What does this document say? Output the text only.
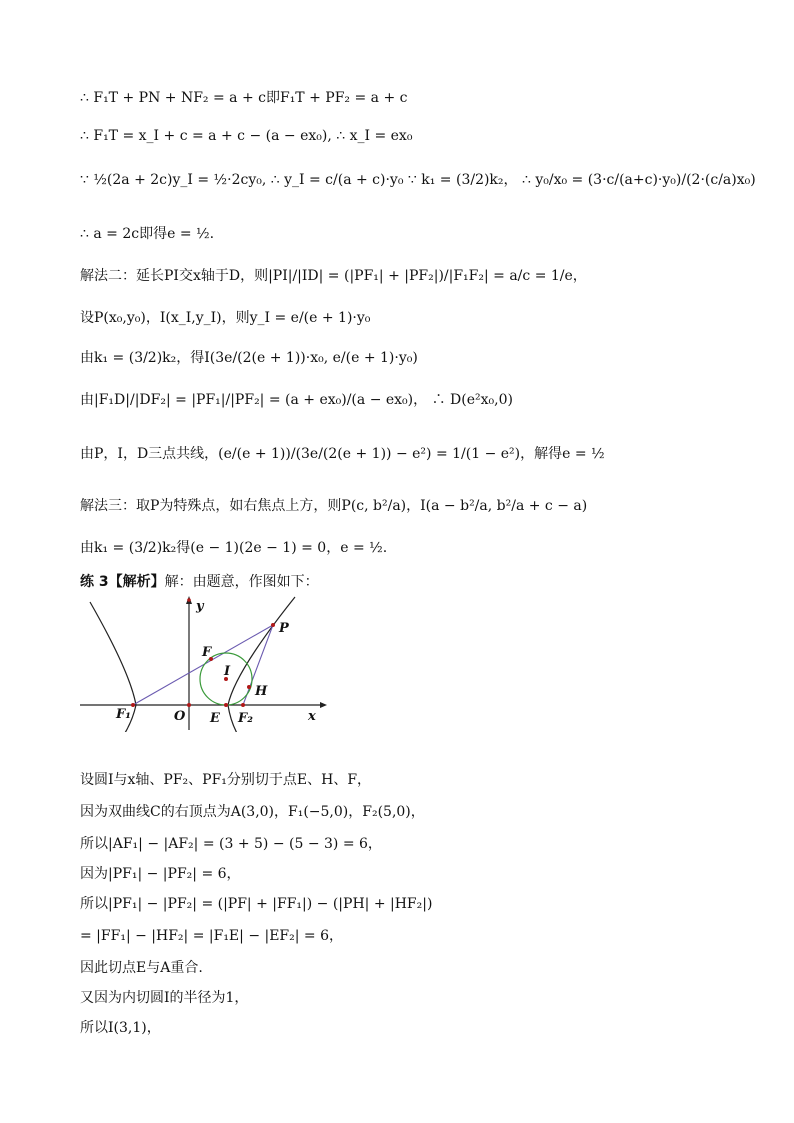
∴ F₁T + PN + NF₂ = a + c即F₁T + PF₂ = a + c
∴ F₁T = x_I + c = a + c − (a − ex₀), ∴ x_I = ex₀
∵ ½(2a + 2c)y_I = ½·2cy₀, ∴ y_I = c/(a + c)·y₀ ∵ k₁ = (3/2)k₂， ∴ y₀/x₀ = (3·c/(a+c)·y₀)/(2·(c/a)x₀)
∴ a = 2c即得e = ½.
解法二：延长PI交x轴于D，则|PI|/|ID| = (|PF₁| + |PF₂|)/|F₁F₂| = a/c = 1/e，
设P(x₀,y₀)，I(x_I,y_I)，则y_I = e/(e + 1)·y₀
由k₁ = (3/2)k₂，得I(3e/(2(e + 1))·x₀, e/(e + 1)·y₀)
由|F₁D|/|DF₂| = |PF₁|/|PF₂| = (a + ex₀)/(a − ex₀)， ∴ D(e²x₀,0)
由P，I，D三点共线，(e/(e + 1))/(3e/(2(e + 1)) − e²) = 1/(1 − e²)，解得e = ½
解法三：取P为特殊点，如右焦点上方，则P(c, b²/a)，I(a − b²/a, b²/a + c − a)
由k₁ = (3/2)k₂得(e − 1)(2e − 1) = 0，e = ½.
练 3【解析】解：由题意，作图如下：
y
x
O
F₁	E F₂
H
F
I
P
设圆I与x轴、PF₂、PF₁分别切于点E、H、F，
因为双曲线C的右顶点为A(3,0)，F₁(−5,0)，F₂(5,0)，
所以|AF₁| − |AF₂| = (3 + 5) − (5 − 3) = 6，
因为|PF₁| − |PF₂| = 6，
所以|PF₁| − |PF₂| = (|PF| + |FF₁|) − (|PH| + |HF₂|)
= |FF₁| − |HF₂| = |F₁E| − |EF₂| = 6，
因此切点E与A重合.
又因为内切圆I的半径为1，
所以I(3,1)，
